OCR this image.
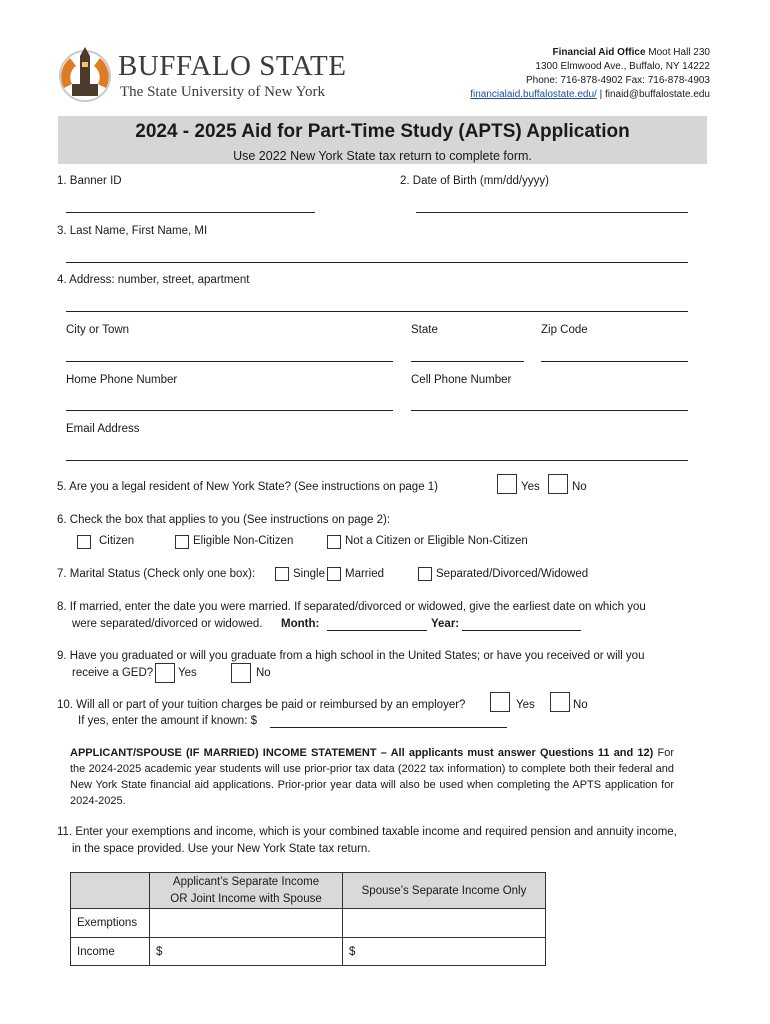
BUFFALO STATE
The State University of New York
Financial Aid Office Moot Hall 230
1300 Elmwood Ave., Buffalo, NY 14222
Phone: 716-878-4902 Fax: 716-878-4903
financialaid.buffalostate.edu/ | finaid@buffalostate.edu
2024 - 2025 Aid for Part-Time Study (APTS) Application
Use 2022 New York State tax return to complete form.
1. Banner ID	2. Date of Birth (mm/dd/yyyy)
3. Last Name, First Name, MI
4. Address: number, street, apartment
City or Town	State	Zip Code
Home Phone Number	Cell Phone Number
Email Address
5. Are you a legal resident of New York State? (See instructions on page 1)	Yes	No
6. Check the box that applies to you (See instructions on page 2):
Citizen	Eligible Non-Citizen	Not a Citizen or Eligible Non-Citizen
7. Marital Status (Check only one box):	Single Married	Separated/Divorced/Widowed
8. If married, enter the date you were married. If separated/divorced or widowed, give the earliest date on which you
were separated/divorced or widowed. Month:	Year:
9. Have you graduated or will you graduate from a high school in the United States; or have you received or will you
receive a GED? Yes	No
10. Will all or part of your tuition charges be paid or reimbursed by an employer?	Yes	No
If yes, enter the amount if known: $
APPLICANT/SPOUSE (IF MARRIED) INCOME STATEMENT – All applicants must answer Questions 11 and 12) For the 2024-2025 academic year students will use prior-prior tax data (2022 tax information) to complete both their federal and New York State financial aid applications. Prior-prior year data will also be used when completing the APTS application for 2024-2025.
11. Enter your exemptions and income, which is your combined taxable income and required pension and annuity income,
in the space provided. Use your New York State tax return.

	Applicant’s Separate Income
OR Joint Income with Spouse	Spouse’s Separate Income Only
Exemptions		
Income	$	$
